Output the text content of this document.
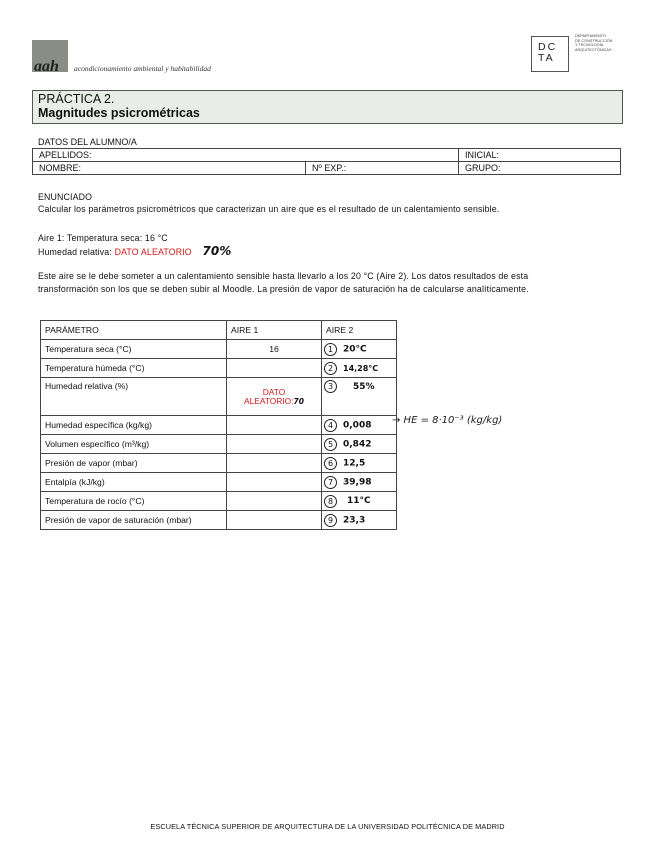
aah acondicionamiento ambiental y habitabilidad
DC
TA
DEPARTAMENTO
DE CONSTRUCCIÓN
Y TECNOLOGÍA
ARQUITECTÓNICAS
PRÁCTICA 2.
Magnitudes psicrométricas
DATOS DEL ALUMNO/A
APELLIDOS:		INICIAL:
NOMBRE:	Nº EXP.:	GRUPO:
ENUNCIADO
Calcular los parámetros psicrométricos que caracterizan un aire que es el resultado de un calentamiento sensible.
Aire 1: Temperatura seca: 16 °C
Humedad relativa: DATO ALEATORIO 70%
Este aire se le debe someter a un calentamiento sensible hasta llevarlo a los 20 °C (Aire 2). Los datos resultados de esta
transformación son los que se deben subir al Moodle. La presión de vapor de saturación ha de calcularse analíticamente.
PARÁMETRO	AIRE 1	AIRE 2
Temperatura seca (°C)	16	1 20°C
Temperatura húmeda (°C)		2 14,28°C
Humedad relativa (%)	DATO
ALEATORIO:70	3 55%
Humedad específica (kg/kg)		4 0,008
Volumen específico (m³/kg)		5 0,842
Presión de vapor (mbar)		6 12,5
Entalpía (kJ/kg)		7 39,98
Temperatura de rocío (°C)		8 11°C
Presión de vapor de saturación (mbar)		9 23,3
→ HE = 8·10⁻³ (kg/kg)
ESCUELA TÉCNICA SUPERIOR DE ARQUITECTURA DE LA UNIVERSIDAD POLITÉCNICA DE MADRID
